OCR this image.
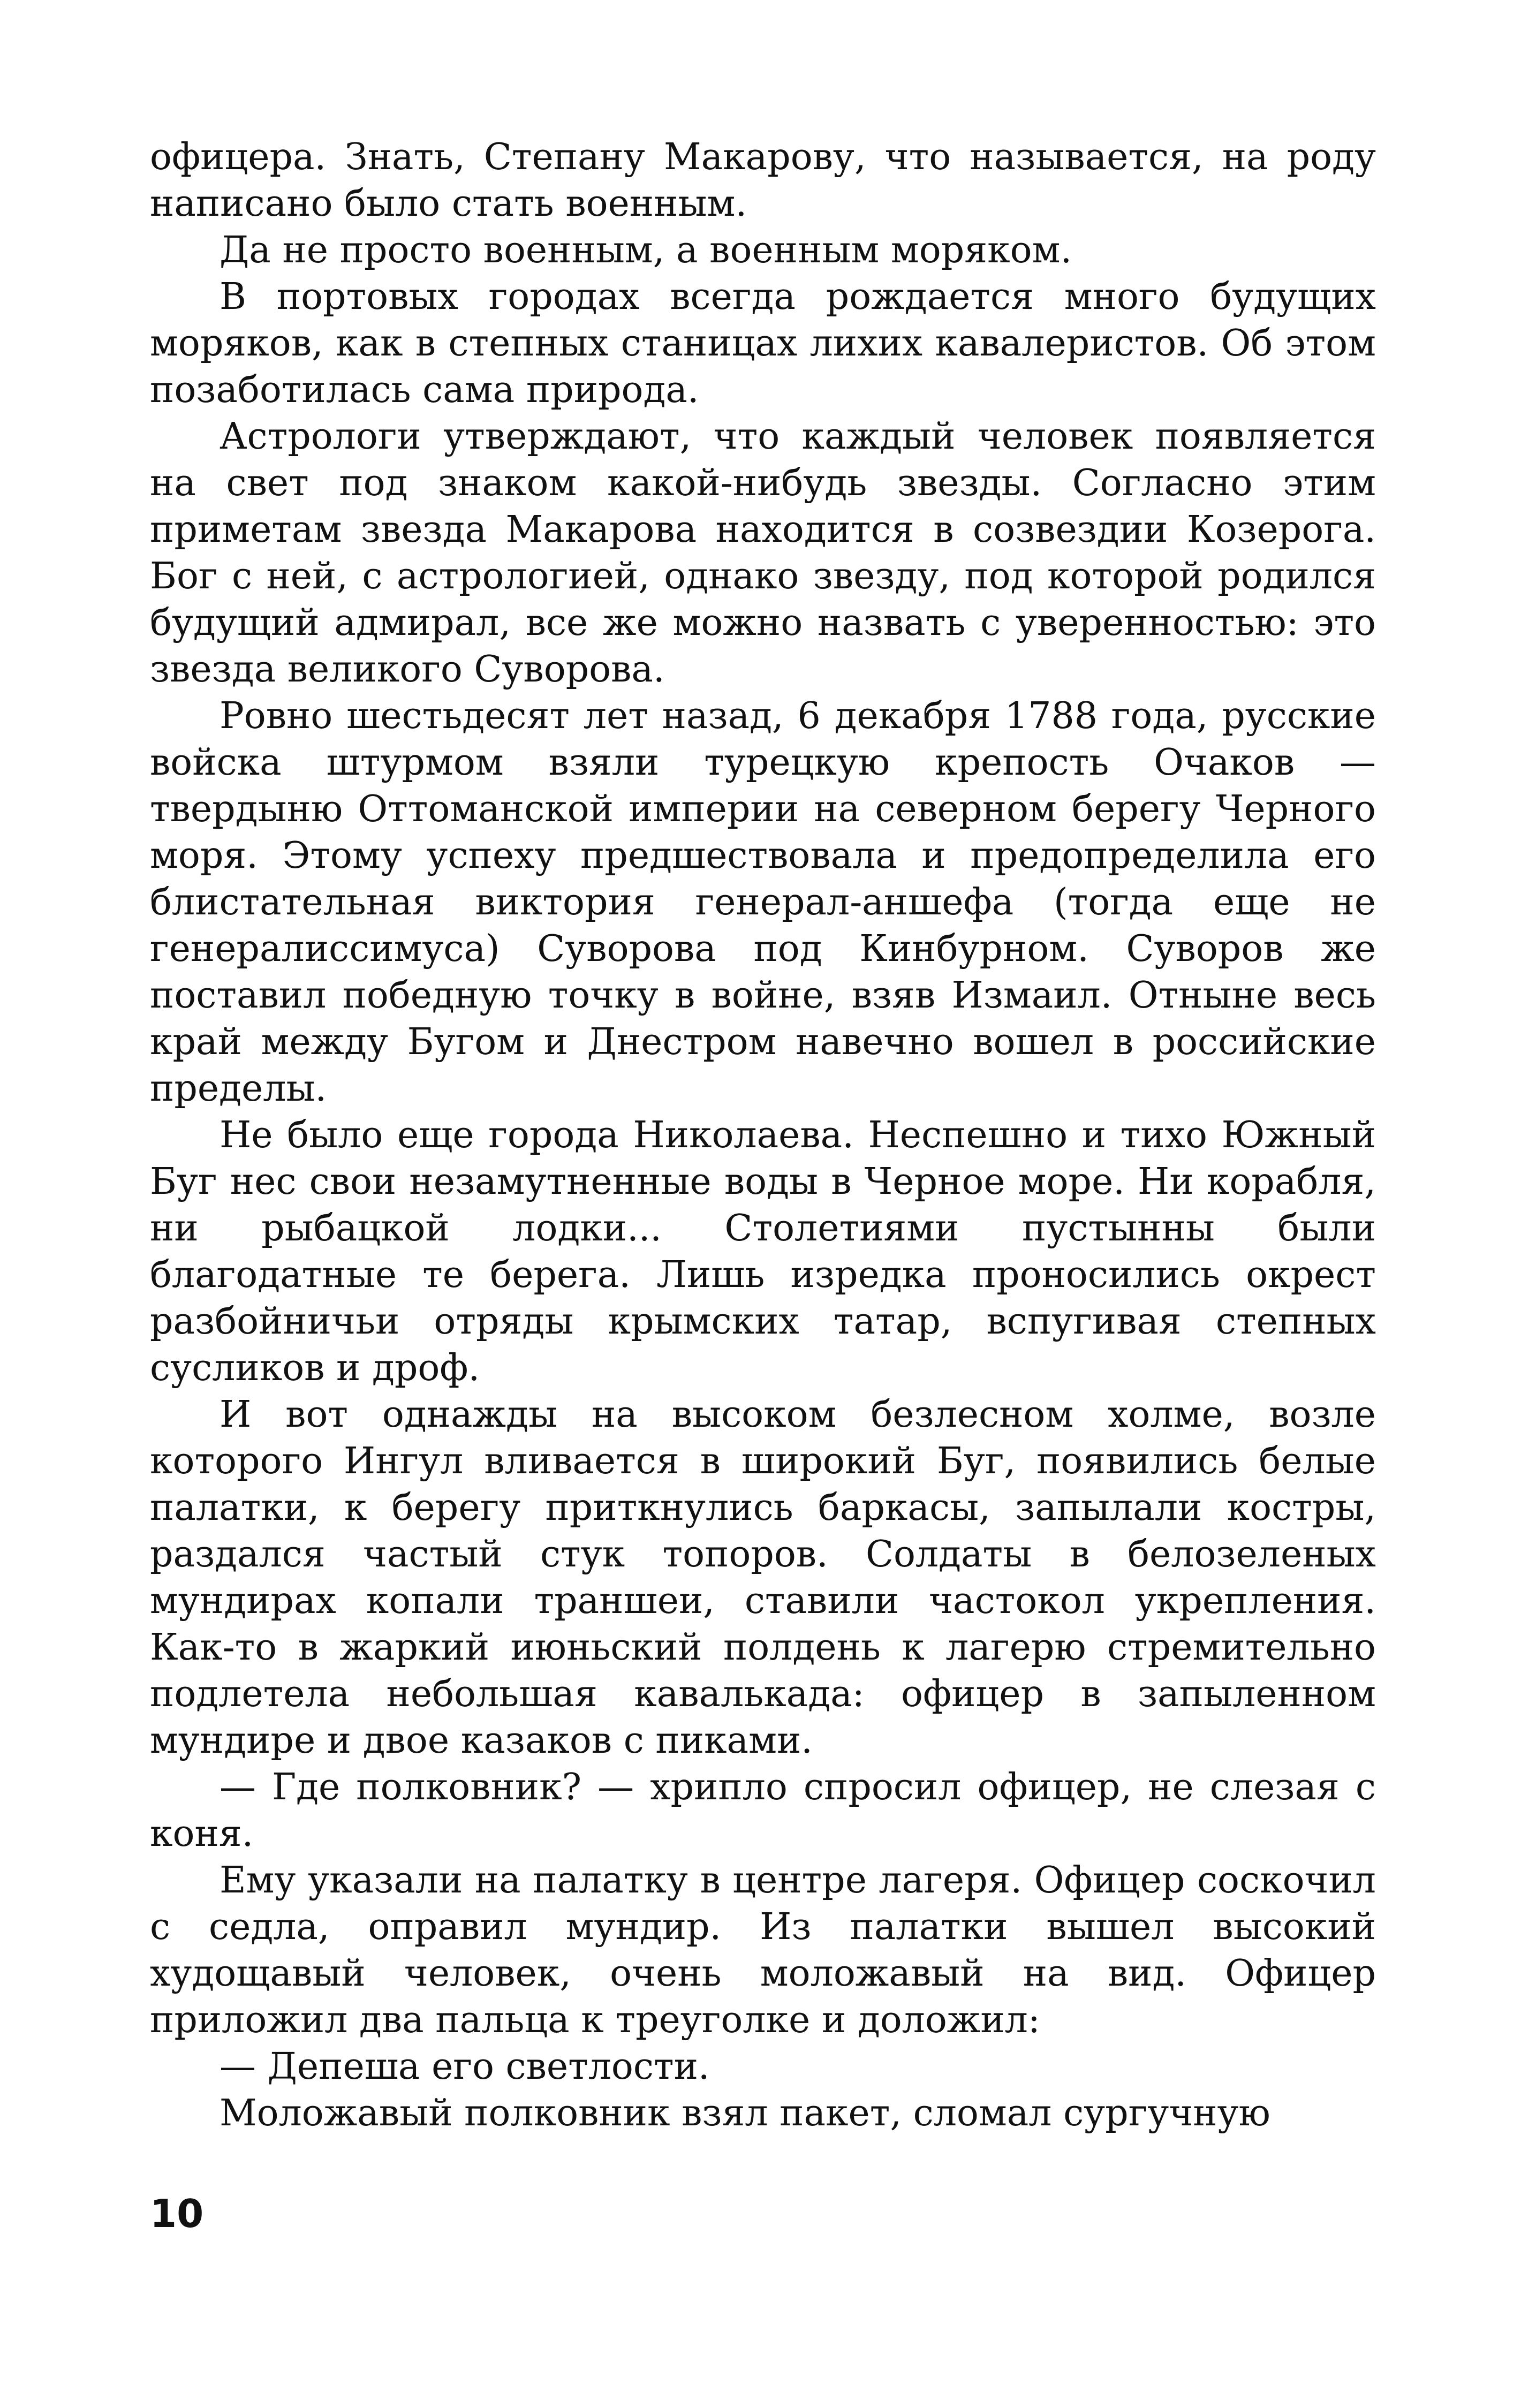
офицера. Знать, Степану Макарову, что называется, на роду написано было стать военным.

Да не просто военным, а военным моряком.

В портовых городах всегда рождается много будущих моряков, как в степных станицах лихих кавалеристов. Об этом позаботилась сама природа.

Астрологи утверждают, что каждый человек появляется на свет под знаком какой-нибудь звезды. Согласно этим приметам звезда Макарова находится в созвездии Козерога. Бог с ней, с астрологией, однако звезду, под которой родился будущий адмирал, все же можно назвать с уверенностью: это звезда великого Суворова.

Ровно шестьдесят лет назад, 6 декабря 1788 года, русские войска штурмом взяли турецкую крепость Очаков — твердыню Оттоманской империи на северном берегу Черного моря. Этому успеху предшествовала и предопределила его блистательная виктория генерал-аншефа (тогда еще не генералиссимуса) Суворова под Кинбурном. Суворов же поставил победную точку в войне, взяв Измаил. Отныне весь край между Бугом и Днестром навечно вошел в российские пределы.

Не было еще города Николаева. Неспешно и тихо Южный Буг нес свои незамутненные воды в Черное море. Ни корабля, ни рыбацкой лодки... Столетиями пустынны были благодатные те берега. Лишь изредка проносились окрест разбойничьи отряды крымских татар, вспугивая степных сусликов и дроф.

И вот однажды на высоком безлесном холме, возле которого Ингул вливается в широкий Буг, появились белые палатки, к берегу приткнулись баркасы, запылали костры, раздался частый стук топоров. Солдаты в белозеленых мундирах копали траншеи, ставили частокол укрепления. Как-то в жаркий июньский полдень к лагерю стремительно подлетела небольшая кавалькада: офицер в запыленном мундире и двое казаков с пиками.

— Где полковник? — хрипло спросил офицер, не слезая с коня.

Ему указали на палатку в центре лагеря. Офицер соскочил с седла, оправил мундир. Из палатки вышел высокий худощавый человек, очень моложавый на вид. Офицер приложил два пальца к треуголке и доложил:

— Депеша его светлости.

Моложавый полковник взял пакет, сломал сургучную

10
